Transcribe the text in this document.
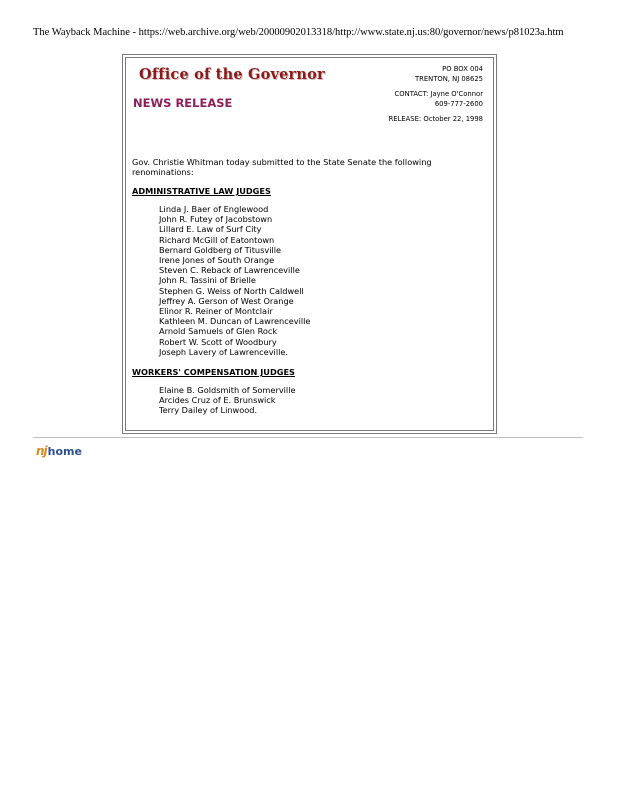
The Wayback Machine - https://web.archive.org/web/20000902013318/http://www.state.nj.us:80/governor/news/p81023a.htm
Office of the Governor
NEWS RELEASE
PO BOX 004
TRENTON, NJ 08625
CONTACT: Jayne O'Connor
609-777-2600
RELEASE: October 22, 1998
Gov. Christie Whitman today submitted to the State Senate the following renominations:
ADMINISTRATIVE LAW JUDGES
Linda J. Baer of Englewood
John R. Futey of Jacobstown
Lillard E. Law of Surf City
Richard McGill of Eatontown
Bernard Goldberg of Titusville
Irene Jones of South Orange
Steven C. Reback of Lawrenceville
John R. Tassini of Brielle
Stephen G. Weiss of North Caldwell
Jeffrey A. Gerson of West Orange
Elinor R. Reiner of Montclair
Kathleen M. Duncan of Lawrenceville
Arnold Samuels of Glen Rock
Robert W. Scott of Woodbury
Joseph Lavery of Lawrenceville.
WORKERS' COMPENSATION JUDGES
Elaine B. Goldsmith of Somerville
Arcides Cruz of E. Brunswick
Terry Dailey of Linwood.
nj home
